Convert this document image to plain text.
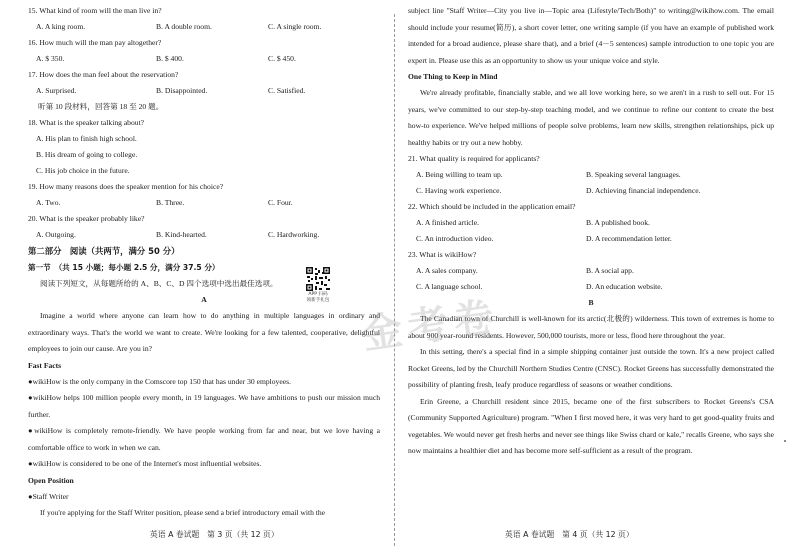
15. What kind of room will the man live in?
A. A king room.	B. A double room.	C. A single room.
16. How much will the man pay altogether?
A. $ 350.	B. $ 400.	C. $ 450.
17. How does the man feel about the reservation?
A. Surprised.	B. Disappointed.	C. Satisfied.
听第 10 段材料，回答第 18 至 20 题。
18. What is the speaker talking about?
A. His plan to finish high school.
B. His dream of going to college.
C. His job choice in the future.
19. How many reasons does the speaker mention for his choice?
A. Two.	B. Three.	C. Four.
20. What is the speaker probably like?
A. Outgoing.	B. Kind-hearted.	C. Hardworking.
第二部分　阅读（共两节，满分 50 分）
第一节　（共 15 小题；每小题 2.5 分，满分 37.5 分）
阅读下列短文，从每题所给的 A、B、C、D 四个选项中选出最佳选项。
A

Imagine a world where anyone can learn how to do anything in multiple languages in ordinary and extraordinary ways. That's the world we want to create. We're looking for a few talented, cooperative, delightful employees to join our cause. Are you in?

Fast Facts

●wikiHow is the only company in the Comscore top 150 that has under 30 employees.

●wikiHow helps 100 million people every month, in 19 languages. We have ambitions to push our mission much further.

●wikiHow is completely remote-friendly. We have people working from far and near, but we love having a comfortable office to work in when we can.

●wikiHow is considered to be one of the Internet's most influential websites.

Open Position
●Staff Writer

If you're applying for the Staff Writer position, please send a brief introductory email with the

APP 扫码
领新手礼包

subject line "Staff Writer—City you live in—Topic area (Lifestyle/Tech/Both)" to writing@wikihow.com. The email should include your resume(简历), a short cover letter, one writing sample (if you have an example of published work intended for a broad audience, please share that), and a brief (4－5 sentences) sample introduction to one topic you are expert in. Please use this as an opportunity to show us your unique voice and style.

One Thing to Keep in Mind

We're already profitable, financially stable, and we all love working here, so we aren't in a rush to sell out. For 15 years, we've committed to our step-by-step teaching model, and we continue to refine our content to create the best how-to experience. We've helped millions of people solve problems, learn new skills, strengthen relationships, pick up healthy habits or try out a new hobby.

21. What quality is required for applicants?
A. Being willing to team up.	B. Speaking several languages.
C. Having work experience.	D. Achieving financial independence.
22. Which should be included in the application email?
A. A finished article.	B. A published book.
C. An introduction video.	D. A recommendation letter.
23. What is wikiHow?
A. A sales company.	B. A social app.
C. A language school.	D. An education website.
B

The Canadian town of Churchill is well-known for its arctic(北极的) wilderness. This town of extremes is home to about 900 year-round residents. However, 500,000 tourists, more or less, flood here throughout the year.

In this setting, there's a special find in a simple shipping container just outside the town. It's a new project called Rocket Greens, led by the Churchill Northern Studies Centre (CNSC). Rocket Greens has successfully demonstrated the possibility of planting fresh, leafy produce regardless of seasons or weather conditions.

Erin Greene, a Churchill resident since 2015, became one of the first subscribers to Rocket Greens's CSA (Community Supported Agriculture) program. "When I first moved here, it was very hard to get good-quality fruits and vegetables. We would never get fresh herbs and never see things like Swiss chard or kale," recalls Greene, who says she now maintains a healthier diet and has become more self-sufficient as a result of the program.

金考卷
英语 A 卷试题　第 3 页（共 12 页）	英语 A 卷试题　第 4 页（共 12 页）
